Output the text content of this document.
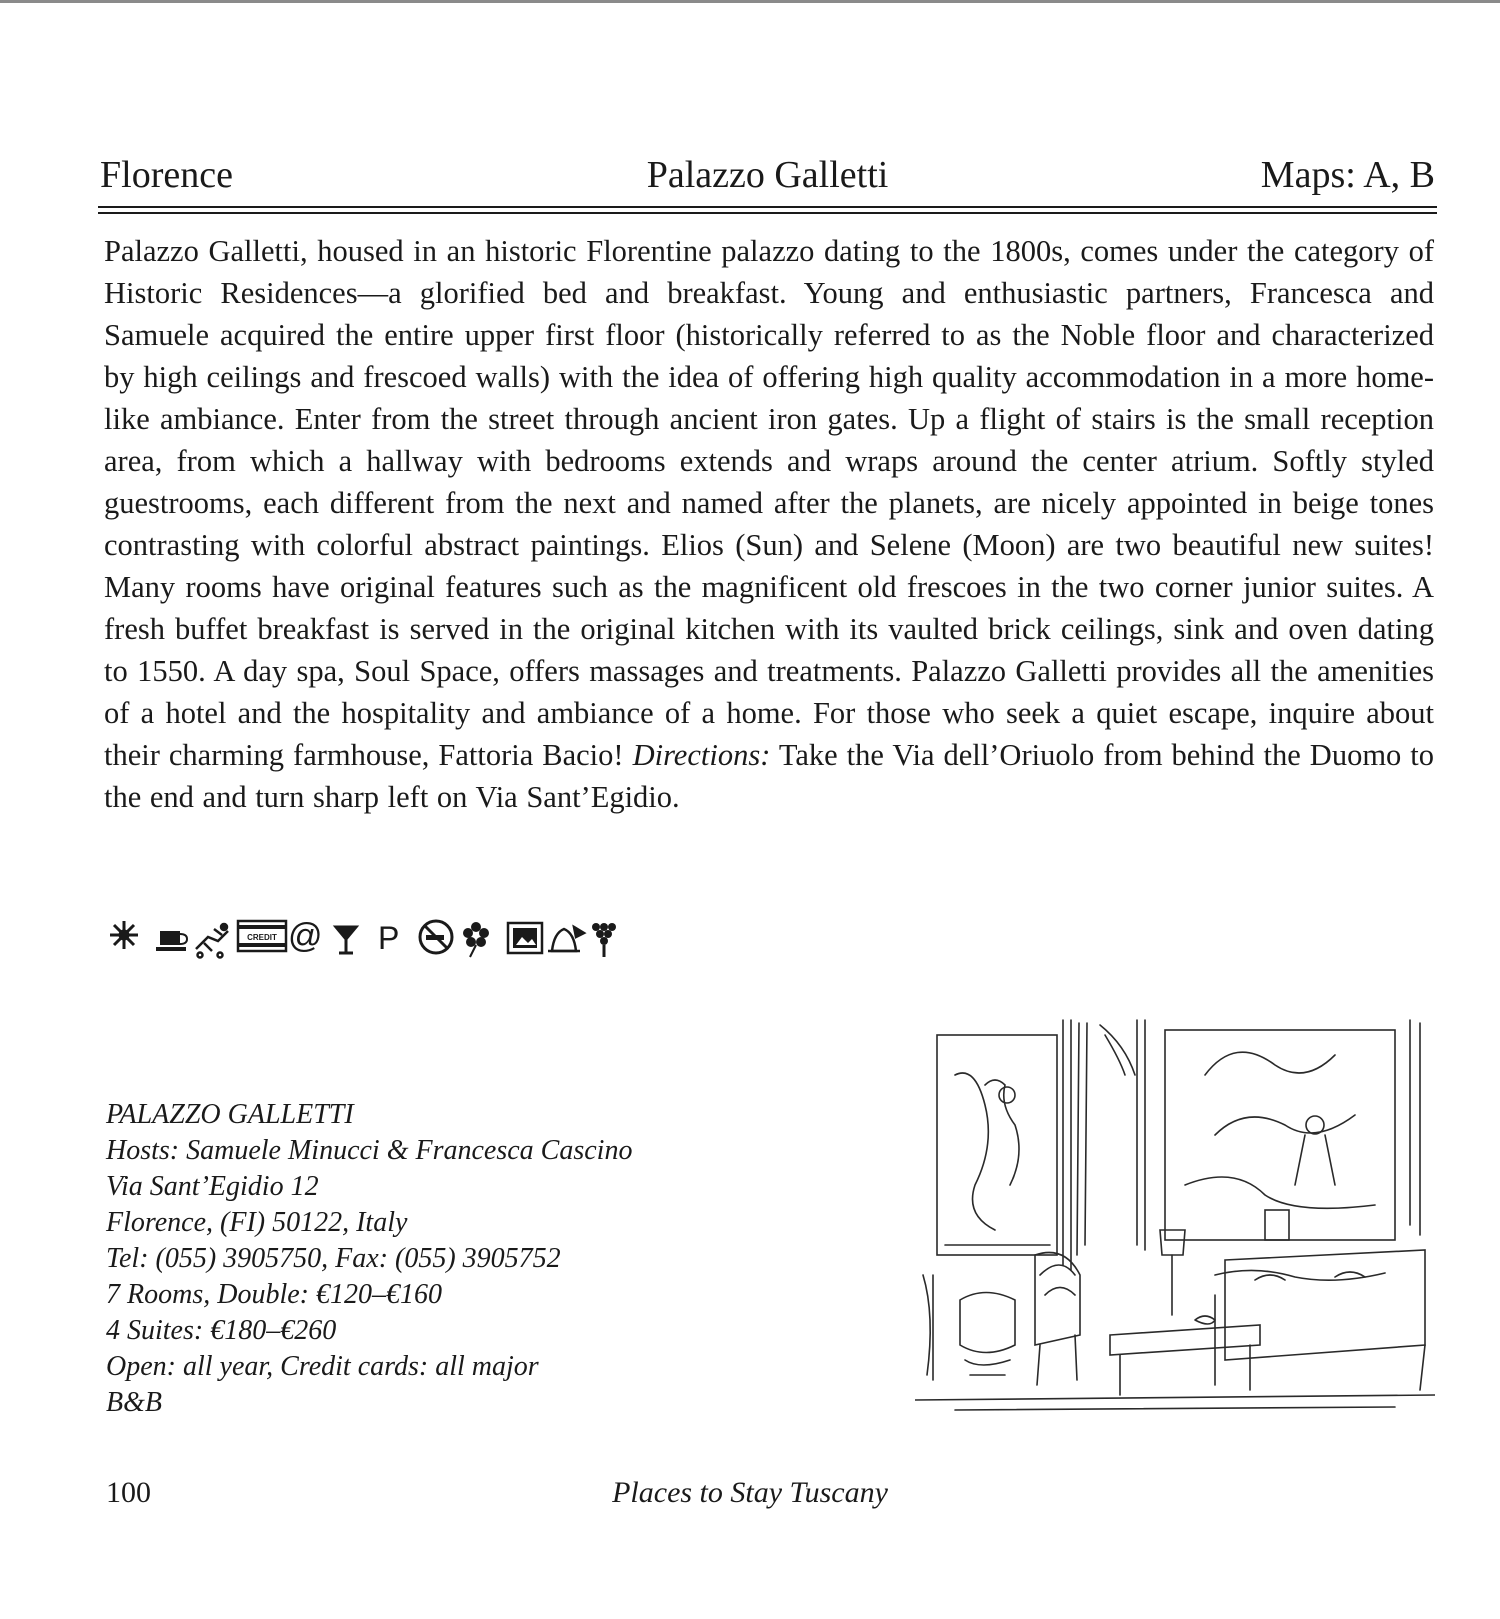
Palazzo Galletti
Florence	Maps: A, B

Palazzo Galletti, housed in an historic Florentine palazzo dating to the 1800s, comes under the category of Historic Residences—a glorified bed and breakfast. Young and enthusiastic partners, Francesca and Samuele acquired the entire upper first floor (historically referred to as the Noble floor and characterized by high ceilings and frescoed walls) with the idea of offering high quality accommodation in a more home-like ambiance. Enter from the street through ancient iron gates. Up a flight of stairs is the small reception area, from which a hallway with bedrooms extends and wraps around the center atrium. Softly styled guestrooms, each different from the next and named after the planets, are nicely appointed in beige tones contrasting with colorful abstract paintings. Elios (Sun) and Selene (Moon) are two beautiful new suites! Many rooms have original features such as the magnificent old frescoes in the two corner junior suites. A fresh buffet breakfast is served in the original kitchen with its vaulted brick ceilings, sink and oven dating to 1550. A day spa, Soul Space, offers massages and treatments. Palazzo Galletti provides all the amenities of a hotel and the hospitality and ambiance of a home. For those who seek a quiet escape, inquire about their charming farmhouse, Fattoria Bacio! Directions: Take the Via dell’Oriuolo from behind the Duomo to the end and turn sharp left on Via Sant’Egidio.

CREDIT @ P
PALAZZO GALLETTI
Hosts: Samuele Minucci & Francesca Cascino
Via Sant’Egidio 12
Florence, (FI) 50122, Italy
Tel: (055) 3905750, Fax: (055) 3905752
7 Rooms, Double: €120–€160
4 Suites: €180–€260
Open: all year, Credit cards: all major
B&B
100	Places to Stay Tuscany
